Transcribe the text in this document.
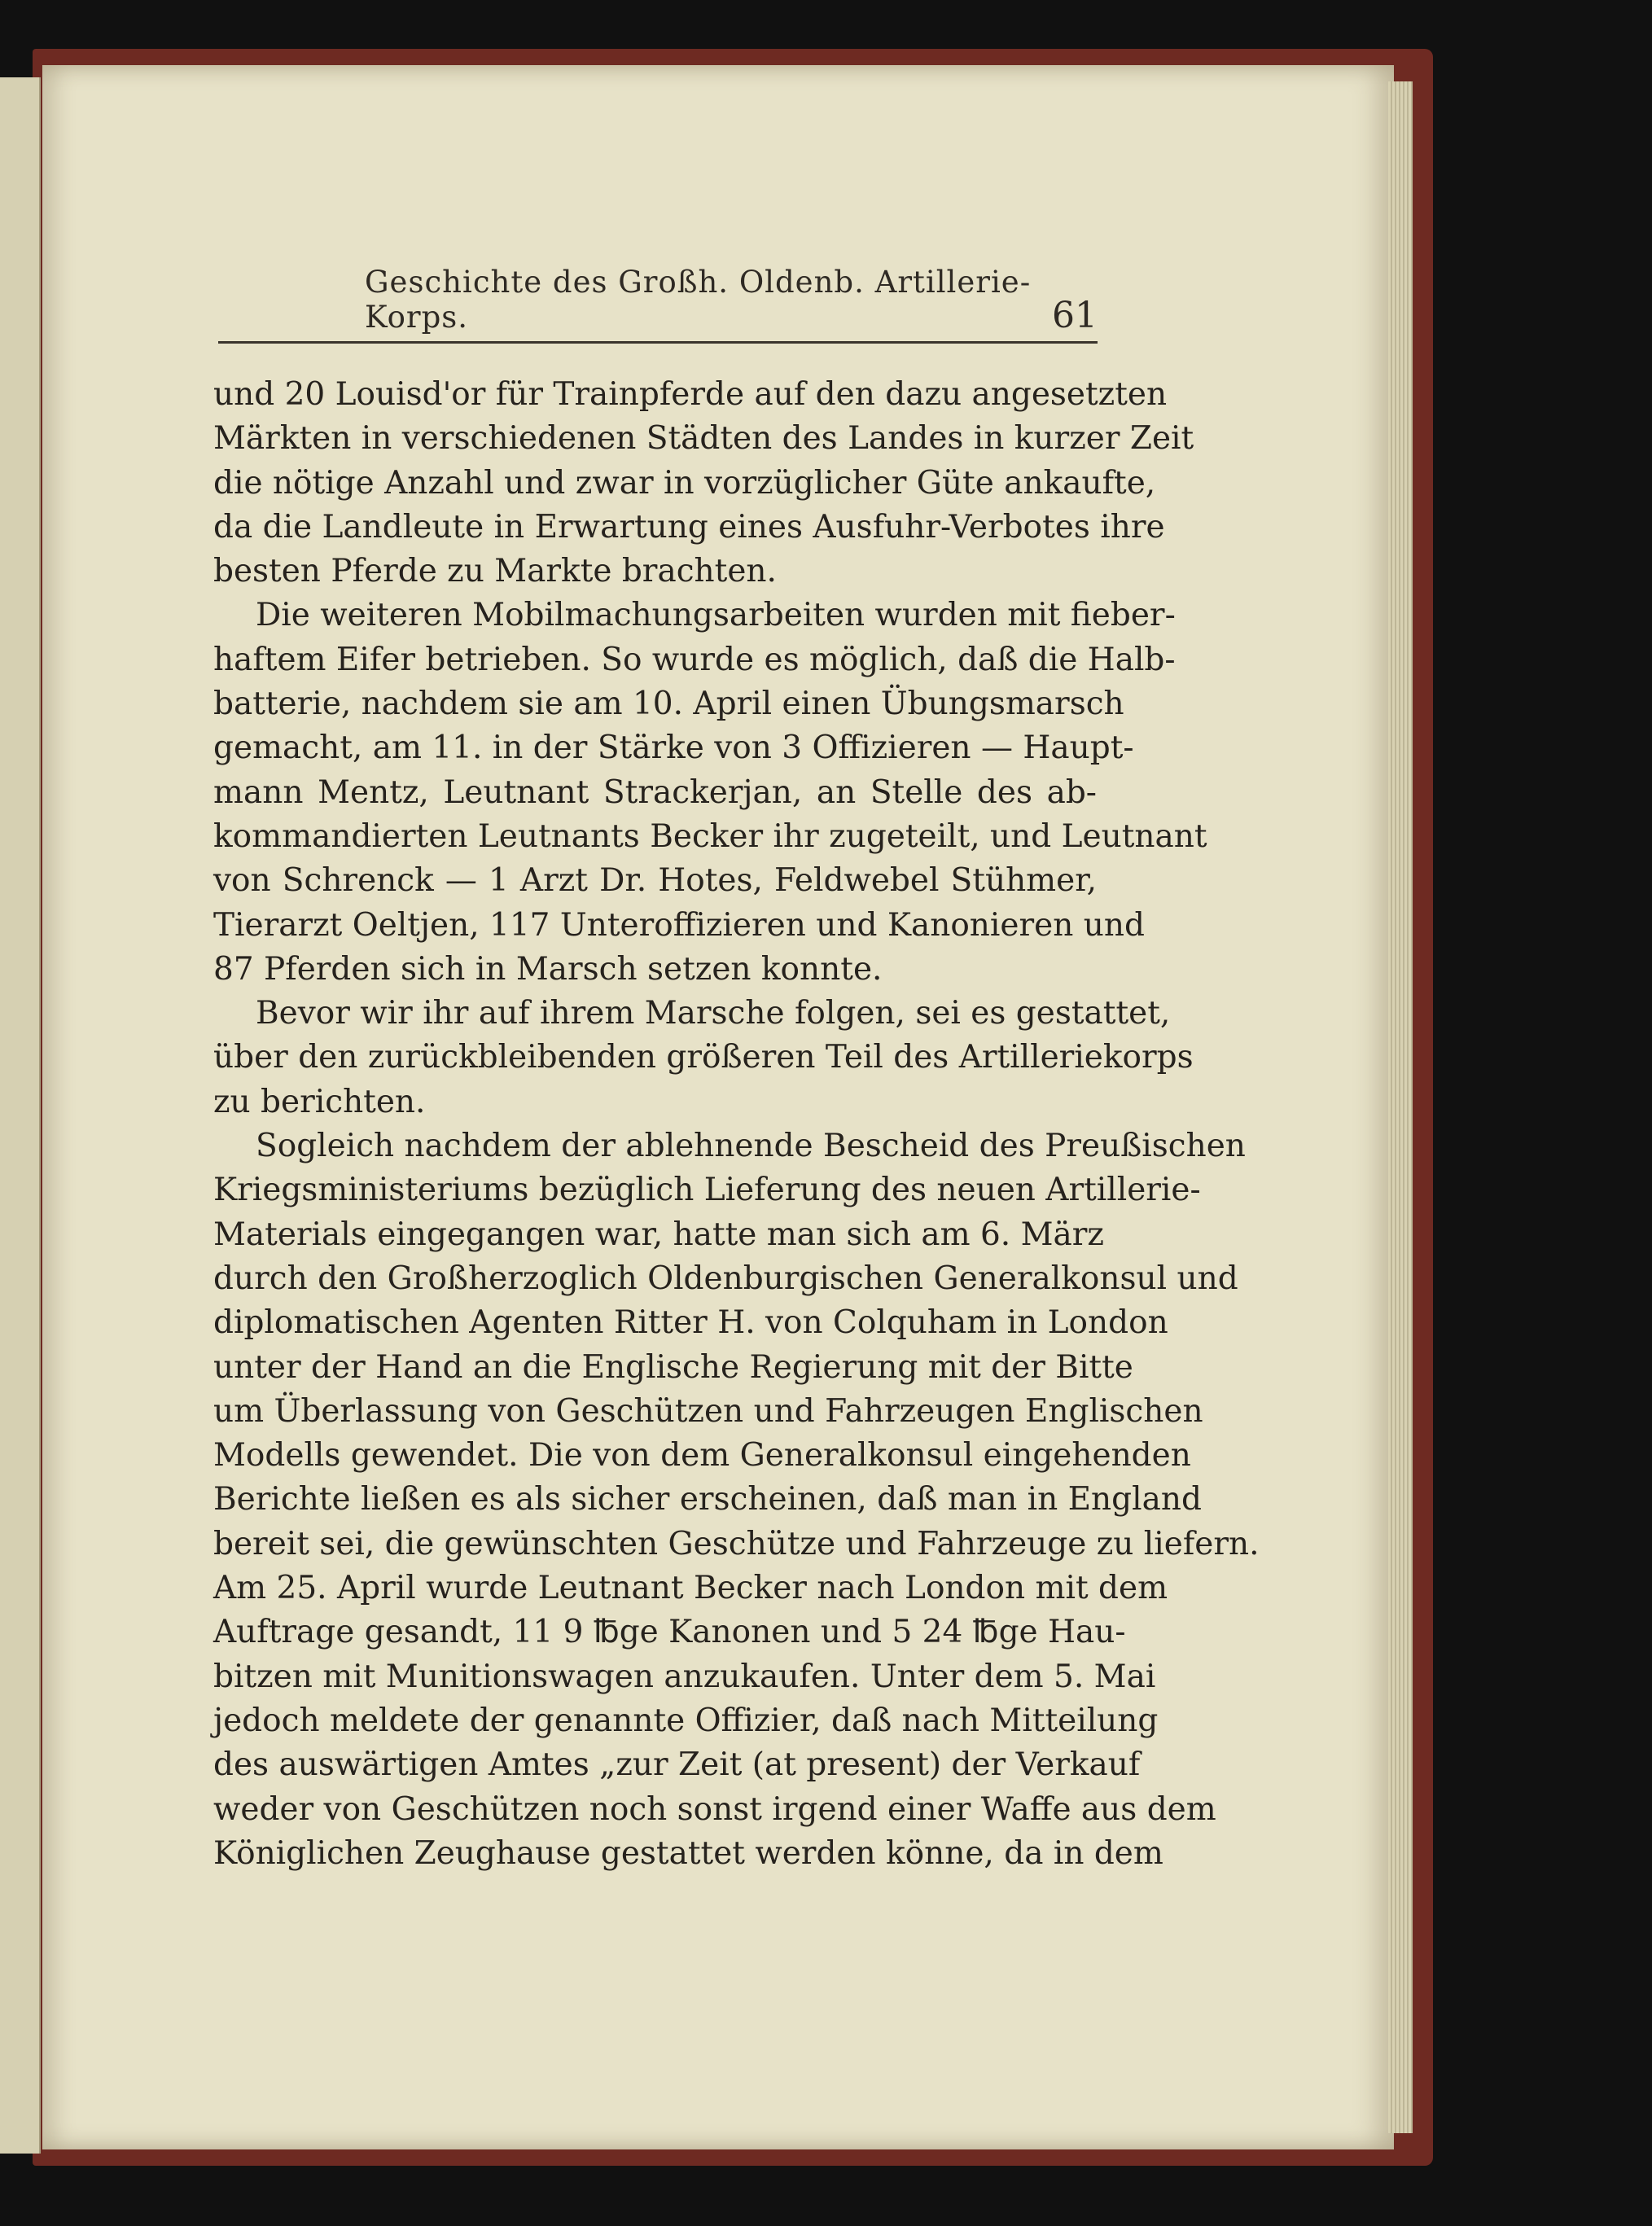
Geschichte des Großh. Oldenb. Artillerie-Korps.	61
und 20 Louisd'or für Trainpferde auf den dazu angesetzten
Märkten in verschiedenen Städten des Landes in kurzer Zeit
die nötige Anzahl und zwar in vorzüglicher Güte ankaufte,
da die Landleute in Erwartung eines Ausfuhr-Verbotes ihre
besten Pferde zu Markte brachten.
Die weiteren Mobilmachungsarbeiten wurden mit fieber-
haftem Eifer betrieben. So wurde es möglich, daß die Halb-
batterie, nachdem sie am 10. April einen Übungsmarsch
gemacht, am 11. in der Stärke von 3 Offizieren — Haupt-
mann Mentz, Leutnant Strackerjan, an Stelle des ab-
kommandierten Leutnants Becker ihr zugeteilt, und Leutnant
von Schrenck — 1 Arzt Dr. Hotes, Feldwebel Stühmer,
Tierarzt Oeltjen, 117 Unteroffizieren und Kanonieren und
87 Pferden sich in Marsch setzen konnte.
Bevor wir ihr auf ihrem Marsche folgen, sei es gestattet,
über den zurückbleibenden größeren Teil des Artilleriekorps
zu berichten.
Sogleich nachdem der ablehnende Bescheid des Preußischen
Kriegsministeriums bezüglich Lieferung des neuen Artillerie-
Materials eingegangen war, hatte man sich am 6. März
durch den Großherzoglich Oldenburgischen Generalkonsul und
diplomatischen Agenten Ritter H. von Colquham in London
unter der Hand an die Englische Regierung mit der Bitte
um Überlassung von Geschützen und Fahrzeugen Englischen
Modells gewendet. Die von dem Generalkonsul eingehenden
Berichte ließen es als sicher erscheinen, daß man in England
bereit sei, die gewünschten Geschütze und Fahrzeuge zu liefern.
Am 25. April wurde Leutnant Becker nach London mit dem
Auftrage gesandt, 11 9 ℔ge Kanonen und 5 24 ℔ge Hau-
bitzen mit Munitionswagen anzukaufen. Unter dem 5. Mai
jedoch meldete der genannte Offizier, daß nach Mitteilung
des auswärtigen Amtes „zur Zeit (at present) der Verkauf
weder von Geschützen noch sonst irgend einer Waffe aus dem
Königlichen Zeughause gestattet werden könne, da in dem
